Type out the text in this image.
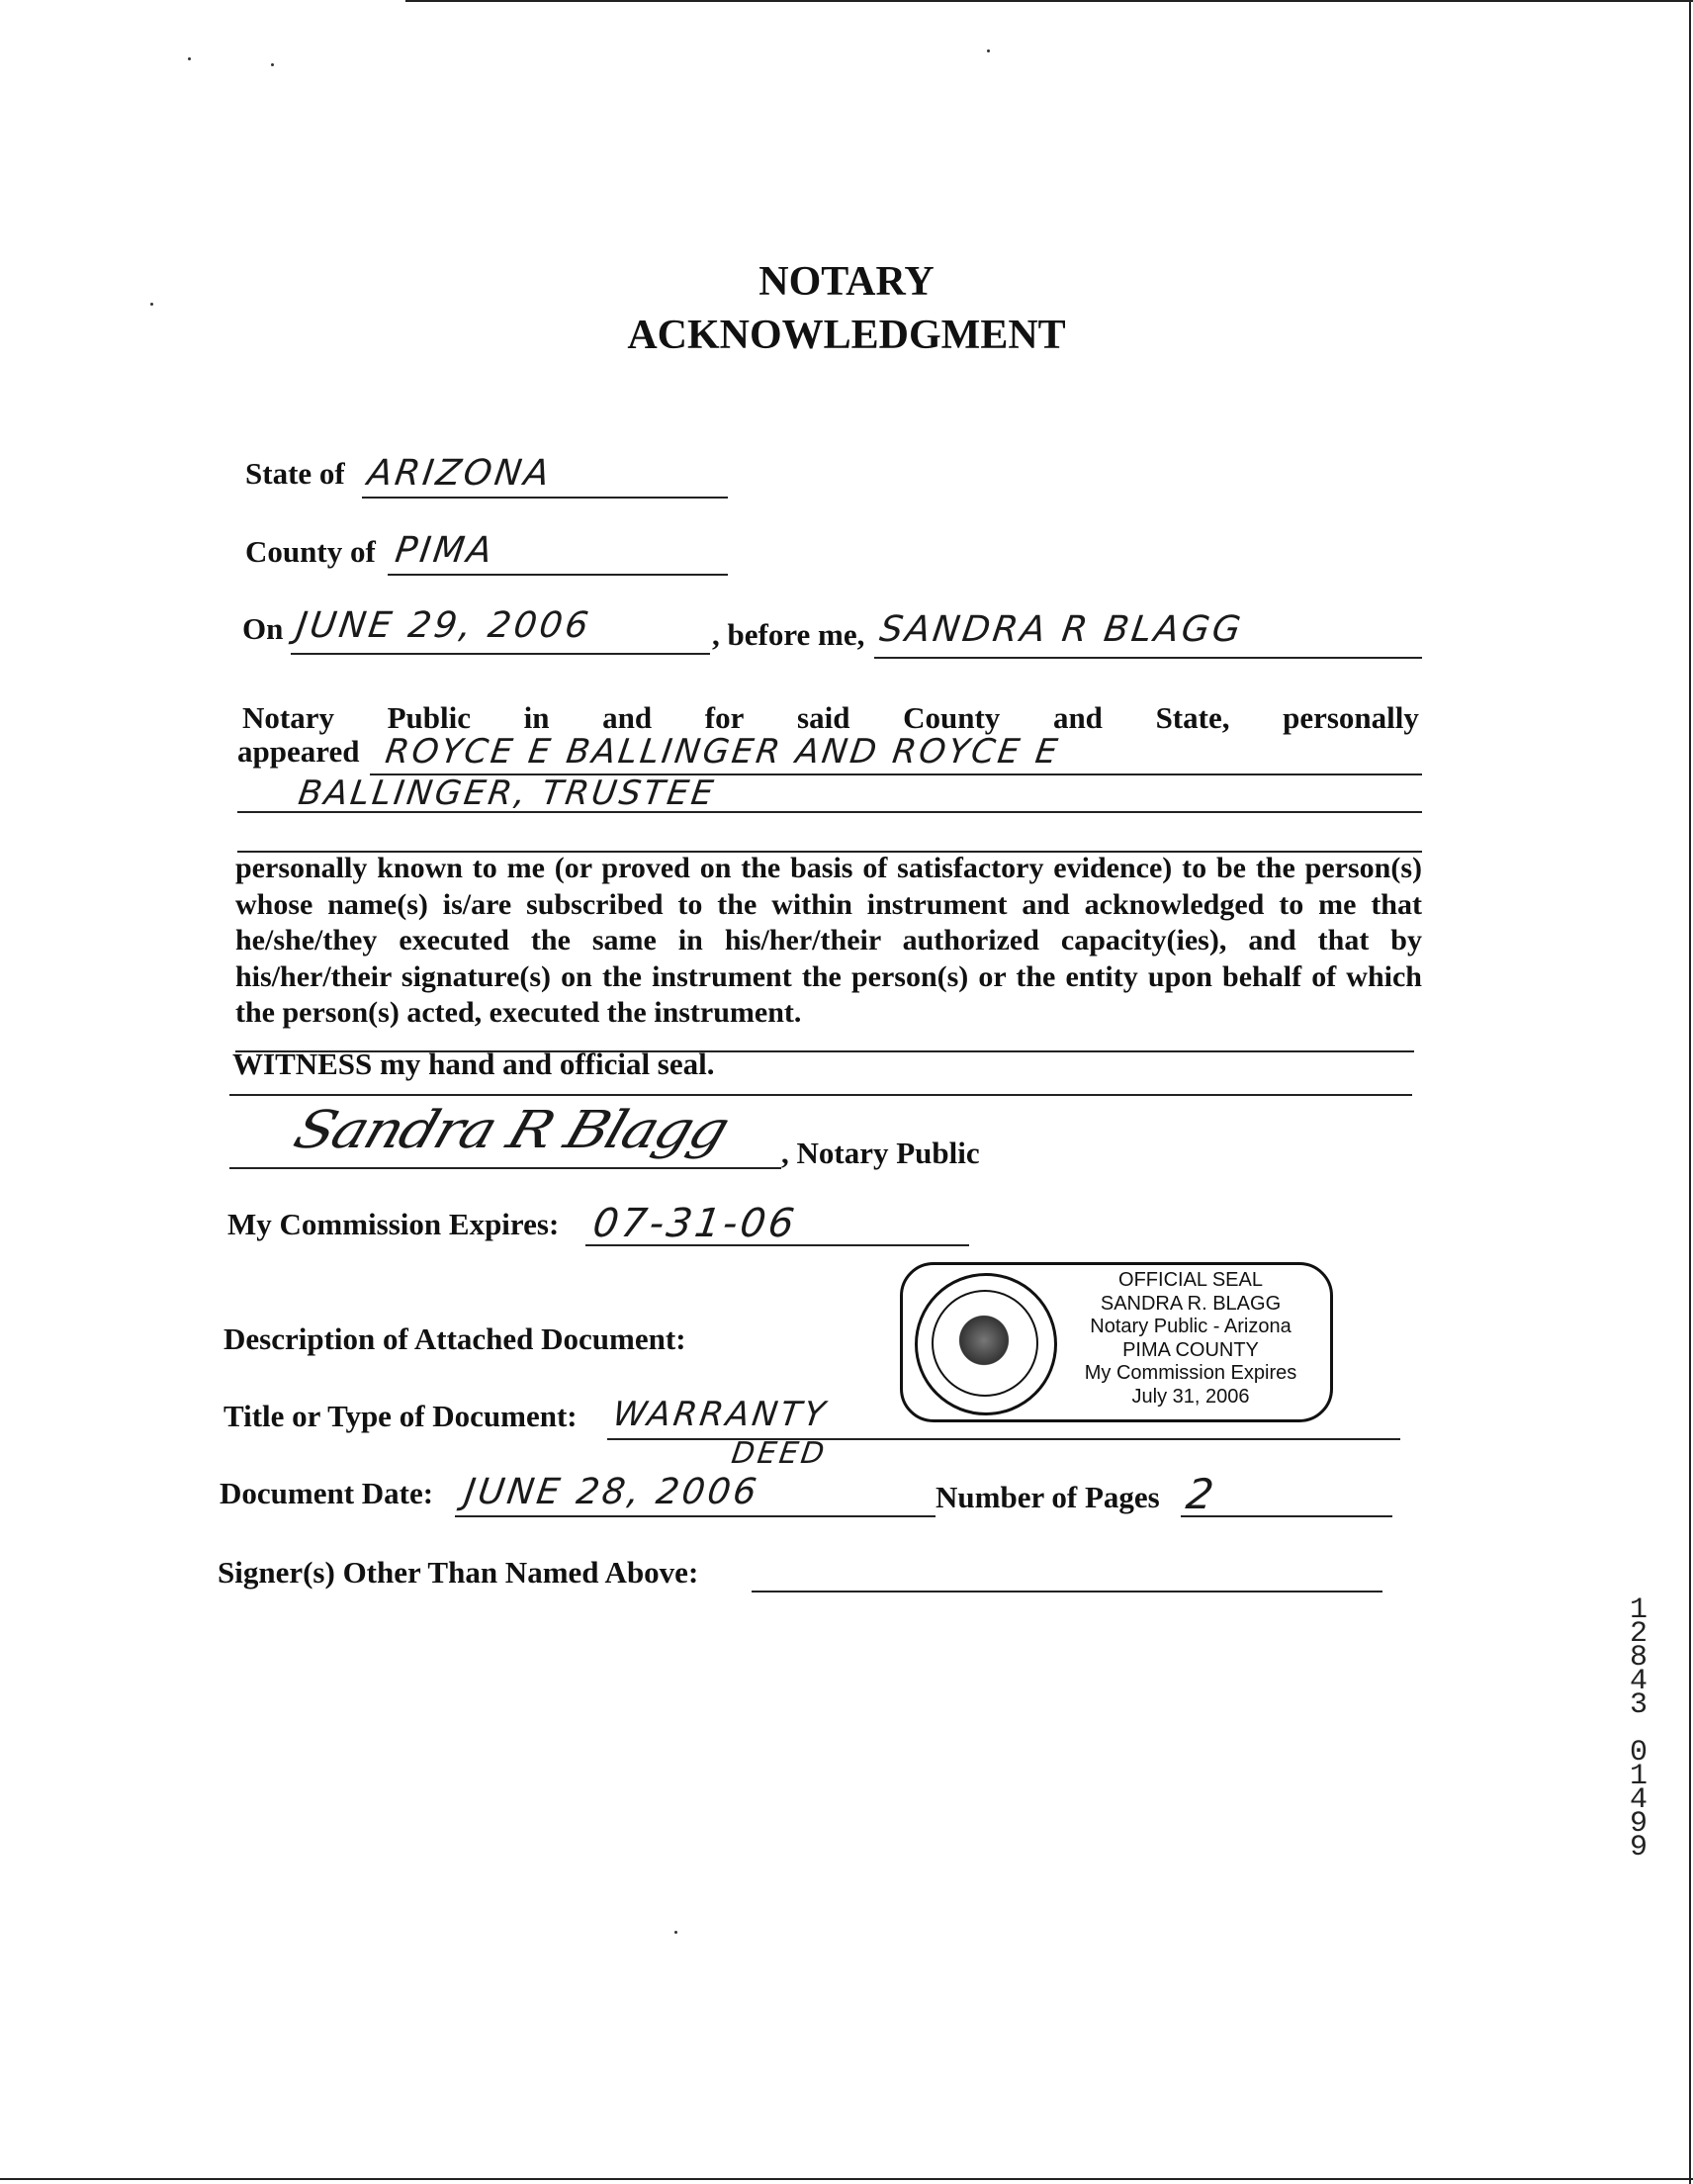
NOTARY
ACKNOWLEDGMENT
State of ARIZONA
County of PIMA
On JUNE 29, 2006	, before me, SANDRA R BLAGG
Notary Public in and for said County and State, personally
appeared ROYCE E BALLINGER AND ROYCE E
BALLINGER, TRUSTEE
personally known to me (or proved on the basis of satisfactory evidence) to be the person(s) whose name(s) is/are subscribed to the within instrument and acknowledged to me that he/she/they executed the same in his/her/their authorized capacity(ies), and that by his/her/their signature(s) on the instrument the person(s) or the entity upon behalf of which the person(s) acted, executed the instrument.
WITNESS my hand and official seal.
Sandra R Blagg , Notary Public
My Commission Expires: 07-31-06
OFFICIAL SEAL
SANDRA R. BLAGG
Notary Public - Arizona
PIMA COUNTY
My Commission Expires
July 31, 2006
Description of Attached Document:
Title or Type of Document: WARRANTY
DEED
Document Date: JUNE 28, 2006	Number of Pages 2
Signer(s) Other Than Named Above:
1
2
8
4
3
0
1
4
9
9
